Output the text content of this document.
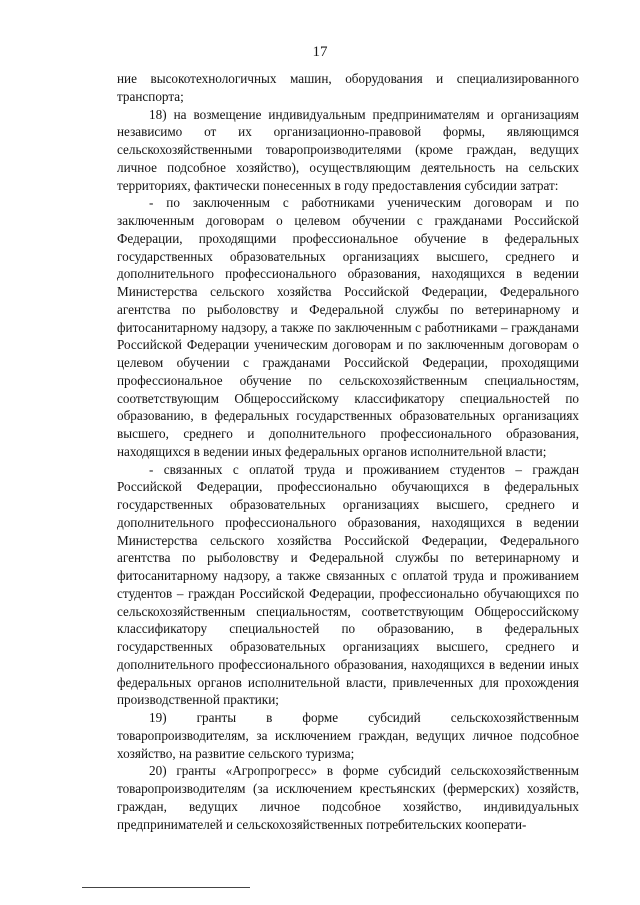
17

ние высокотехнологичных машин, оборудования и специализированного транспорта;

18) на возмещение индивидуальным предпринимателям и организациям независимо от их организационно-правовой формы, являющимся сельскохозяйственными товаропроизводителями (кроме граждан, ведущих личное подсобное хозяйство), осуществляющим деятельность на сельских территориях, фактически понесенных в году предоставления субсидии затрат:

- по заключенным с работниками ученическим договорам и по заключенным договорам о целевом обучении с гражданами Российской Федерации, проходящими профессиональное обучение в федеральных государственных образовательных организациях высшего, среднего и дополнительного профессионального образования, находящихся в ведении Министерства сельского хозяйства Российской Федерации, Федерального агентства по рыболовству и Федеральной службы по ветеринарному и фитосанитарному надзору, а также по заключенным с работниками – гражданами Российской Федерации ученическим договорам и по заключенным договорам о целевом обучении с гражданами Российской Федерации, проходящими профессиональное обучение по сельскохозяйственным специальностям, соответствующим Общероссийскому классификатору специальностей по образованию, в федеральных государственных образовательных организациях высшего, среднего и дополнительного профессионального образования, находящихся в ведении иных федеральных органов исполнительной власти;

- связанных с оплатой труда и проживанием студентов – граждан Российской Федерации, профессионально обучающихся в федеральных государственных образовательных организациях высшего, среднего и дополнительного профессионального образования, находящихся в ведении Министерства сельского хозяйства Российской Федерации, Федерального агентства по рыболовству и Федеральной службы по ветеринарному и фитосанитарному надзору, а также связанных с оплатой труда и проживанием студентов – граждан Российской Федерации, профессионально обучающихся по сельскохозяйственным специальностям, соответствующим Общероссийскому классификатору специальностей по образованию, в федеральных государственных образовательных организациях высшего, среднего и дополнительного профессионального образования, находящихся в ведении иных федеральных органов исполнительной власти, привлеченных для прохождения производственной практики;

19) гранты в форме субсидий сельскохозяйственным товаропроизводителям, за исключением граждан, ведущих личное подсобное хозяйство, на развитие сельского туризма;

20) гранты «Агропрогресс» в форме субсидий сельскохозяйственным товаропроизводителям (за исключением крестьянских (фермерских) хозяйств, граждан, ведущих личное подсобное хозяйство, индивидуальных предпринимателей и сельскохозяйственных потребительских кооперати-
